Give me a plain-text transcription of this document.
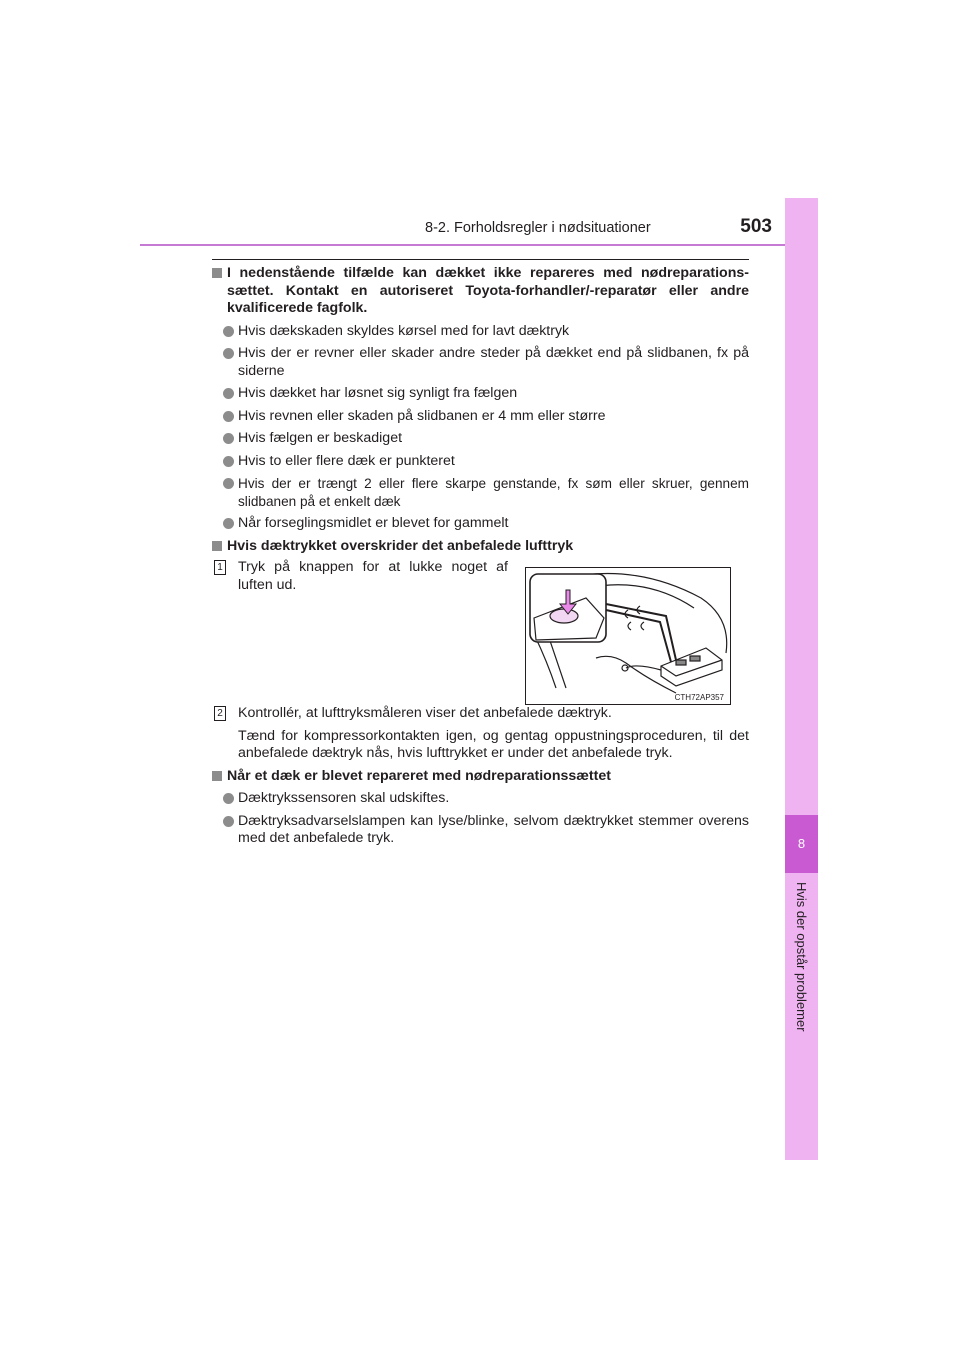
8-2. Forholdsregler i nødsituationer	503
8
Hvis der opstår problemer
I nedenstående tilfælde kan dækket ikke repareres med nødreparations-sættet. Kontakt en autoriseret Toyota-forhandler/-reparatør eller andre kvalificerede fagfolk.
Hvis dækskaden skyldes kørsel med for lavt dæktryk
Hvis der er revner eller skader andre steder på dækket end på slidbanen, fx på siderne
Hvis dækket har løsnet sig synligt fra fælgen
Hvis revnen eller skaden på slidbanen er 4 mm eller større
Hvis fælgen er beskadiget
Hvis to eller flere dæk er punkteret
Hvis der er trængt 2 eller flere skarpe genstande, fx søm eller skruer, gennem slidbanen på et enkelt dæk
Når forseglingsmidlet er blevet for gammelt
Hvis dæktrykket overskrider det anbefalede lufttryk
1 Tryk på knappen for at lukke noget af luften ud.
2 Kontrollér, at lufttryksmåleren viser det anbefalede dæktryk.
Tænd for kompressorkontakten igen, og gentag oppustningsproceduren, til det anbefalede dæktryk nås, hvis lufttrykket er under det anbefalede tryk.
Når et dæk er blevet repareret med nødreparationssættet
Dæktrykssensoren skal udskiftes.
Dæktryksadvarselslampen kan lyse/blinke, selvom dæktrykket stemmer overens med det anbefalede tryk.
CTH72AP357
